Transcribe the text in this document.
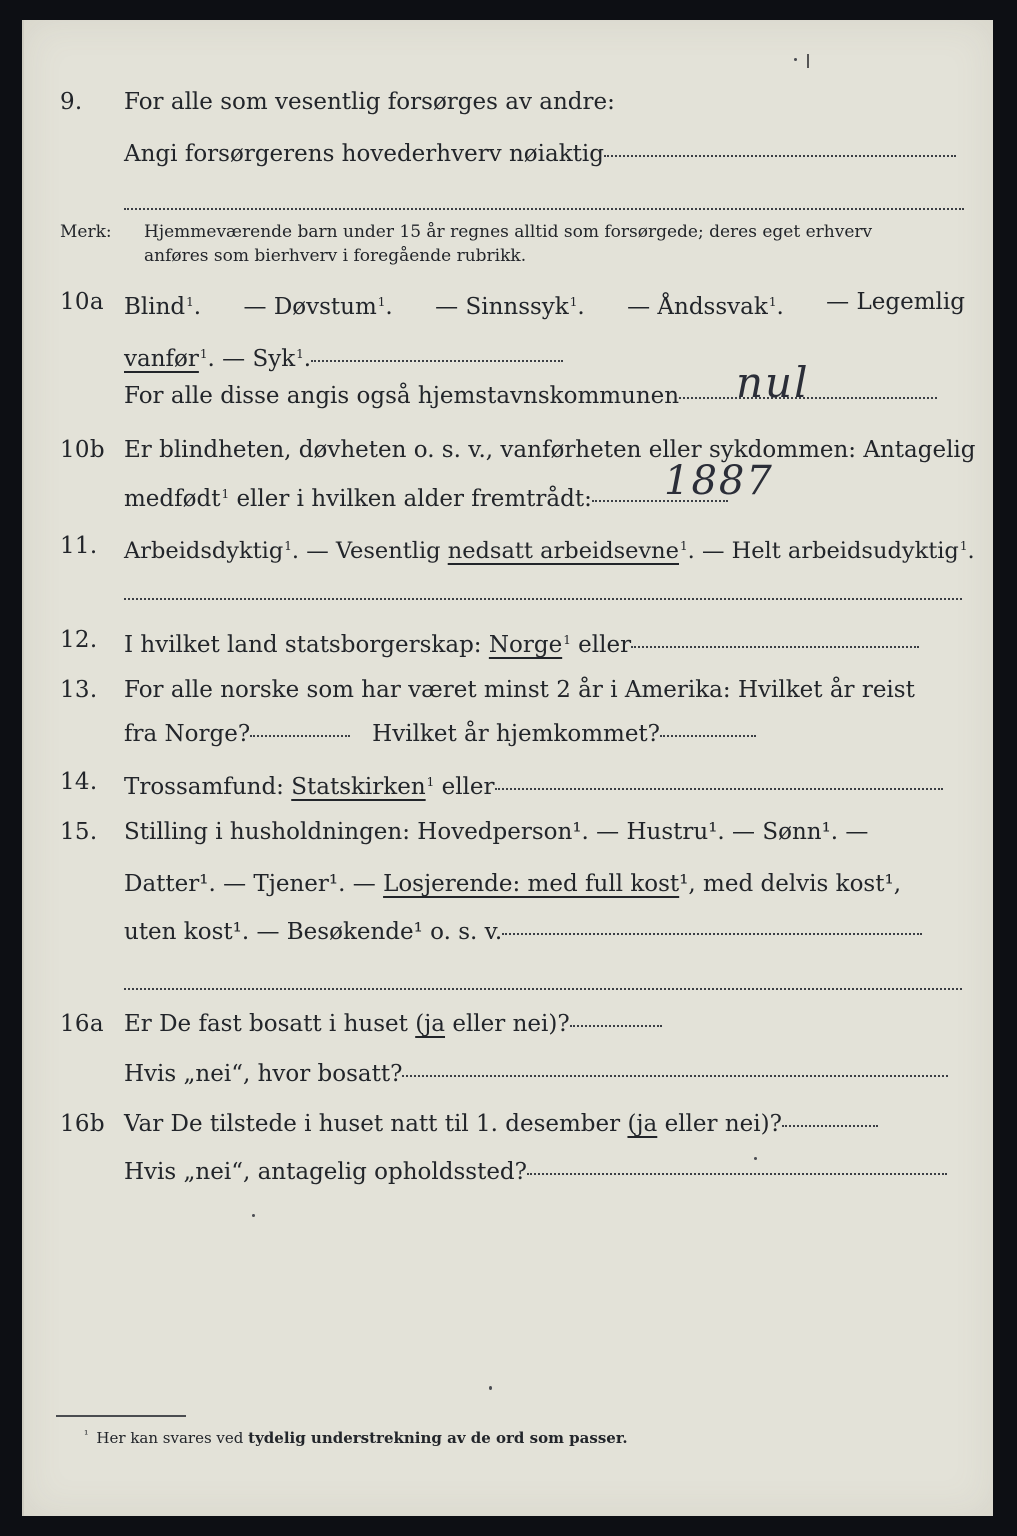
9. For alle som vesentlig forsørges av andre:
Angi forsørgerens hovederhverv nøiaktig
Merk: Hjemmeværende barn under 15 år regnes alltid som forsørgede; deres eget erhverv
anføres som bierhverv i foregående rubrikk.
10a Blind$^1$. — Døvstum$^1$. — Sinnssyk$^1$. — Åndssvak$^1$. — Legemlig
vanfør$^1$. — Syk$^1$.
For alle disse angis også hjemstavnskommunen	nul
10b Er blindheten, døvheten o. s. v., vanførheten eller sykdommen: Antagelig
medfødt$^1$ eller i hvilken alder fremtrådt:	1887
11. Arbeidsdyktig$^1$. — Vesentlig nedsatt arbeidsevne$^1$. — Helt arbeidsudyktig$^1$.
12. I hvilket land statsborgerskap: Norge$^1$ eller
13. For alle norske som har været minst 2 år i Amerika: Hvilket år reist
fra Norge?	Hvilket år hjemkommet?
14. Trossamfund: Statskirken$^1$ eller
15. Stilling i husholdningen: Hovedperson¹. — Hustru¹. — Sønn¹. —
Datter¹. — Tjener¹. — Losjerende: med full kost¹, med delvis kost¹,
uten kost¹. — Besøkende¹ o. s. v.
16a Er De fast bosatt i huset (ja eller nei)?
Hvis „nei“, hvor bosatt?
16b Var De tilstede i huset natt til 1. desember (ja eller nei)?
Hvis „nei“, antagelig opholdssted?
$^{^1}$ Her kan svares ved tydelig understrekning av de ord som passer.
